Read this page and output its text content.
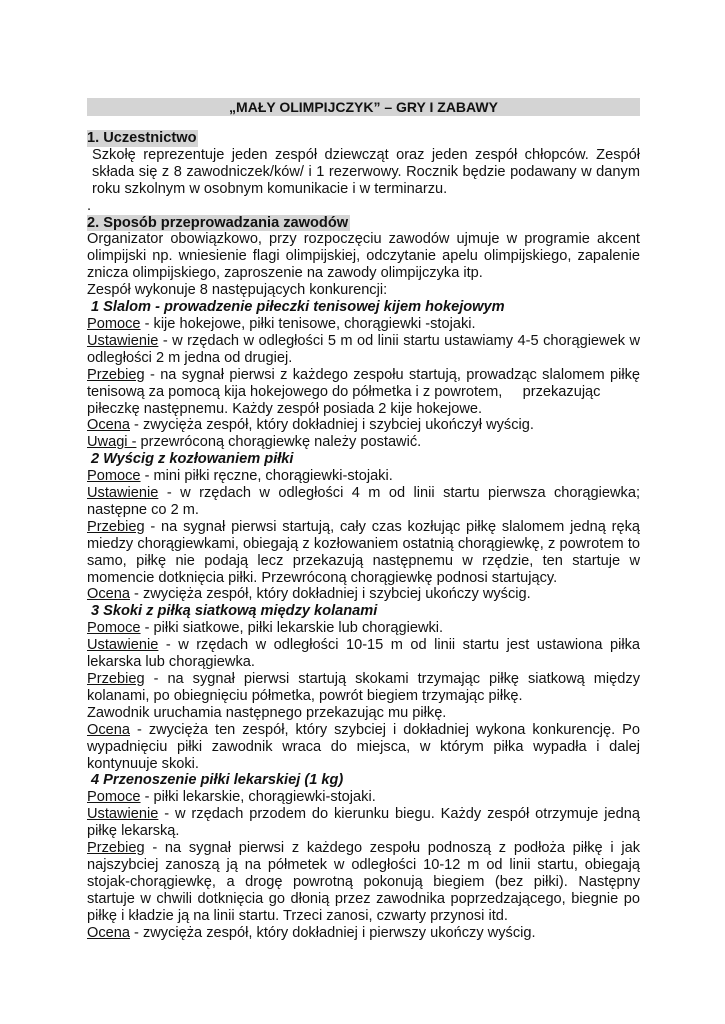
„MAŁY OLIMPIJCZYK” – GRY I ZABAWY
1. Uczestnictwo

Szkołę reprezentuje jeden zespół dziewcząt oraz jeden zespół chłopców. Zespół

składa się z 8 zawodniczek/ków/ i 1 rezerwowy. Rocznik będzie podawany w danym

roku szkolnym w osobnym komunikacie i w terminarzu.

.

2. Sposób przeprowadzania zawodów

Organizator obowiązkowo, przy rozpoczęciu zawodów ujmuje w programie akcent

olimpijski np. wniesienie flagi olimpijskiej, odczytanie apelu olimpijskiego, zapalenie

znicza olimpijskiego, zaproszenie na zawody olimpijczyka itp.

Zespół wykonuje 8 następujących konkurencji:

1 Slalom - prowadzenie piłeczki tenisowej kijem hokejowym

Pomoce - kije hokejowe, piłki tenisowe, chorągiewki -stojaki.

Ustawienie - w rzędach w odległości 5 m od linii startu ustawiamy 4-5 chorągiewek w

odległości 2 m jedna od drugiej.

Przebieg - na sygnał pierwsi z każdego zespołu startują, prowadząc slalomem piłkę

tenisową za pomocą kija hokejowego do półmetka i z powrotem,     przekazując

piłeczkę następnemu. Każdy zespół posiada 2 kije hokejowe.

Ocena - zwycięża zespół, który dokładniej i szybciej ukończył wyścig.

Uwagi - przewróconą chorągiewkę należy postawić.

2 Wyścig z kozłowaniem piłki

Pomoce - mini piłki ręczne, chorągiewki-stojaki.

Ustawienie - w rzędach w odległości 4 m od linii startu pierwsza chorągiewka;

następne co 2 m.

Przebieg - na sygnał pierwsi startują, cały czas kozłując piłkę slalomem jedną ręką

miedzy chorągiewkami, obiegają z kozłowaniem ostatnią chorągiewkę, z powrotem to

samo, piłkę nie podają lecz przekazują następnemu w rzędzie, ten startuje w

momencie dotknięcia piłki. Przewróconą chorągiewkę podnosi startujący.

Ocena - zwycięża zespół, który dokładniej i szybciej ukończy wyścig.

3 Skoki z piłką siatkową między kolanami

Pomoce - piłki siatkowe, piłki lekarskie lub chorągiewki.

Ustawienie - w rzędach w odległości 10-15 m od linii startu jest ustawiona piłka

lekarska lub chorągiewka.

Przebieg - na sygnał pierwsi startują skokami trzymając piłkę siatkową między

kolanami, po obiegnięciu półmetka, powrót biegiem trzymając piłkę.

Zawodnik uruchamia następnego przekazując mu piłkę.

Ocena - zwycięża ten zespół, który szybciej i dokładniej wykona konkurencję. Po

wypadnięciu piłki zawodnik wraca do miejsca, w którym piłka wypadła i dalej

kontynuuje skoki.

4 Przenoszenie piłki lekarskiej (1 kg)

Pomoce - piłki lekarskie, chorągiewki-stojaki.

Ustawienie - w rzędach przodem do kierunku biegu. Każdy zespół otrzymuje jedną

piłkę lekarską.

Przebieg - na sygnał pierwsi z każdego zespołu podnoszą z podłoża piłkę i jak

najszybciej zanoszą ją na półmetek w odległości 10-12 m od linii startu, obiegają

stojak-chorągiewkę, a drogę powrotną pokonują biegiem (bez piłki). Następny

startuje w chwili dotknięcia go dłonią przez zawodnika poprzedzającego, biegnie po

piłkę i kładzie ją na linii startu. Trzeci zanosi, czwarty przynosi itd.

Ocena - zwycięża zespół, który dokładniej i pierwszy ukończy wyścig.
